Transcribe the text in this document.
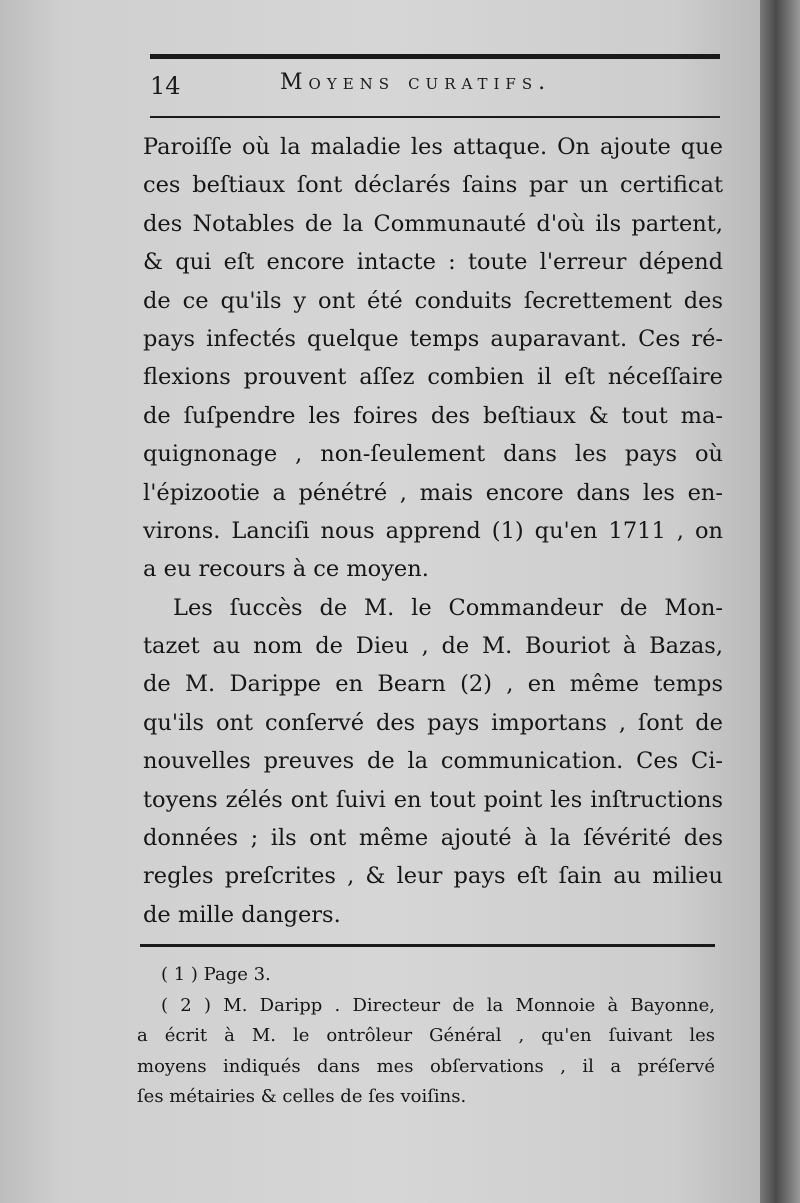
14	Moyens curatifs.
Paroiſſe où la maladie les attaque. On ajoute que
ces beſtiaux ſont déclarés ſains par un certificat
des Notables de la Communauté d'où ils partent,
& qui eſt encore intacte : toute l'erreur dépend
de ce qu'ils y ont été conduits ſecrettement des
pays infectés quelque temps auparavant. Ces ré-
flexions prouvent aſſez combien il eſt néceſſaire
de ſuſpendre les foires des beſtiaux & tout ma-
quignonage , non-ſeulement dans les pays où
l'épizootie a pénétré , mais encore dans les en-
virons. Lanciſi nous apprend (1) qu'en 1711 , on
a eu recours à ce moyen.
Les ſuccès de M. le Commandeur de Mon-
tazet au nom de Dieu , de M. Bouriot à Bazas,
de M. Darippe en Bearn (2) , en même temps
qu'ils ont conſervé des pays importans , ſont de
nouvelles preuves de la communication. Ces Ci-
toyens zélés ont ſuivi en tout point les inſtructions
données ; ils ont même ajouté à la ſévérité des
regles preſcrites , & leur pays eſt ſain au milieu
de mille dangers.
( 1 ) Page 3.
( 2 ) M. Daripp . Directeur de la Monnoie à Bayonne,
a écrit à M. le ontrôleur Général , qu'en ſuivant les
moyens indiqués dans mes obſervations , il a préſervé
ſes métairies & celles de ſes voiſins.
